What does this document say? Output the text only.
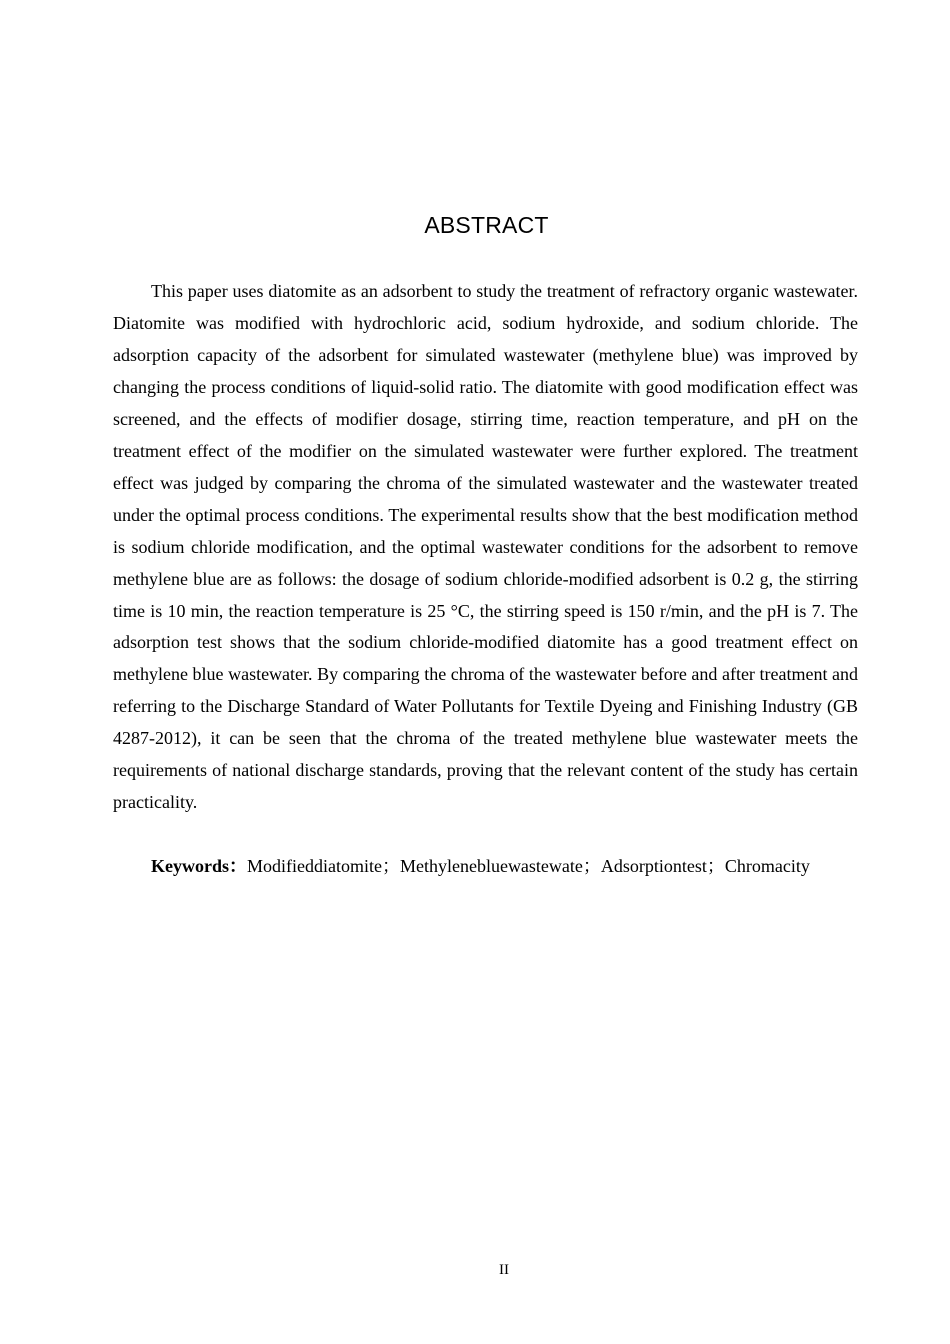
ABSTRACT

This paper uses diatomite as an adsorbent to study the treatment of refractory organic wastewater. Diatomite was modified with hydrochloric acid, sodium hydroxide, and sodium chloride. The adsorption capacity of the adsorbent for simulated wastewater (methylene blue) was improved by changing the process conditions of liquid-solid ratio. The diatomite with good modification effect was screened, and the effects of modifier dosage, stirring time, reaction temperature, and pH on the treatment effect of the modifier on the simulated wastewater were further explored. The treatment effect was judged by comparing the chroma of the simulated wastewater and the wastewater treated under the optimal process conditions. The experimental results show that the best modification method is sodium chloride modification, and the optimal wastewater conditions for the adsorbent to remove methylene blue are as follows: the dosage of sodium chloride-modified adsorbent is 0.2 g, the stirring time is 10 min, the reaction temperature is 25 °C, the stirring speed is 150 r/min, and the pH is 7. The adsorption test shows that the sodium chloride-modified diatomite has a good treatment effect on methylene blue wastewater. By comparing the chroma of the wastewater before and after treatment and referring to the Discharge Standard of Water Pollutants for Textile Dyeing and Finishing Industry (GB 4287-2012), it can be seen that the chroma of the treated methylene blue wastewater meets the requirements of national discharge standards, proving that the relevant content of the study has certain practicality.

Keywords：Modifieddiatomite；Methylenebluewastewate；Adsorptiontest；Chromacity

II
